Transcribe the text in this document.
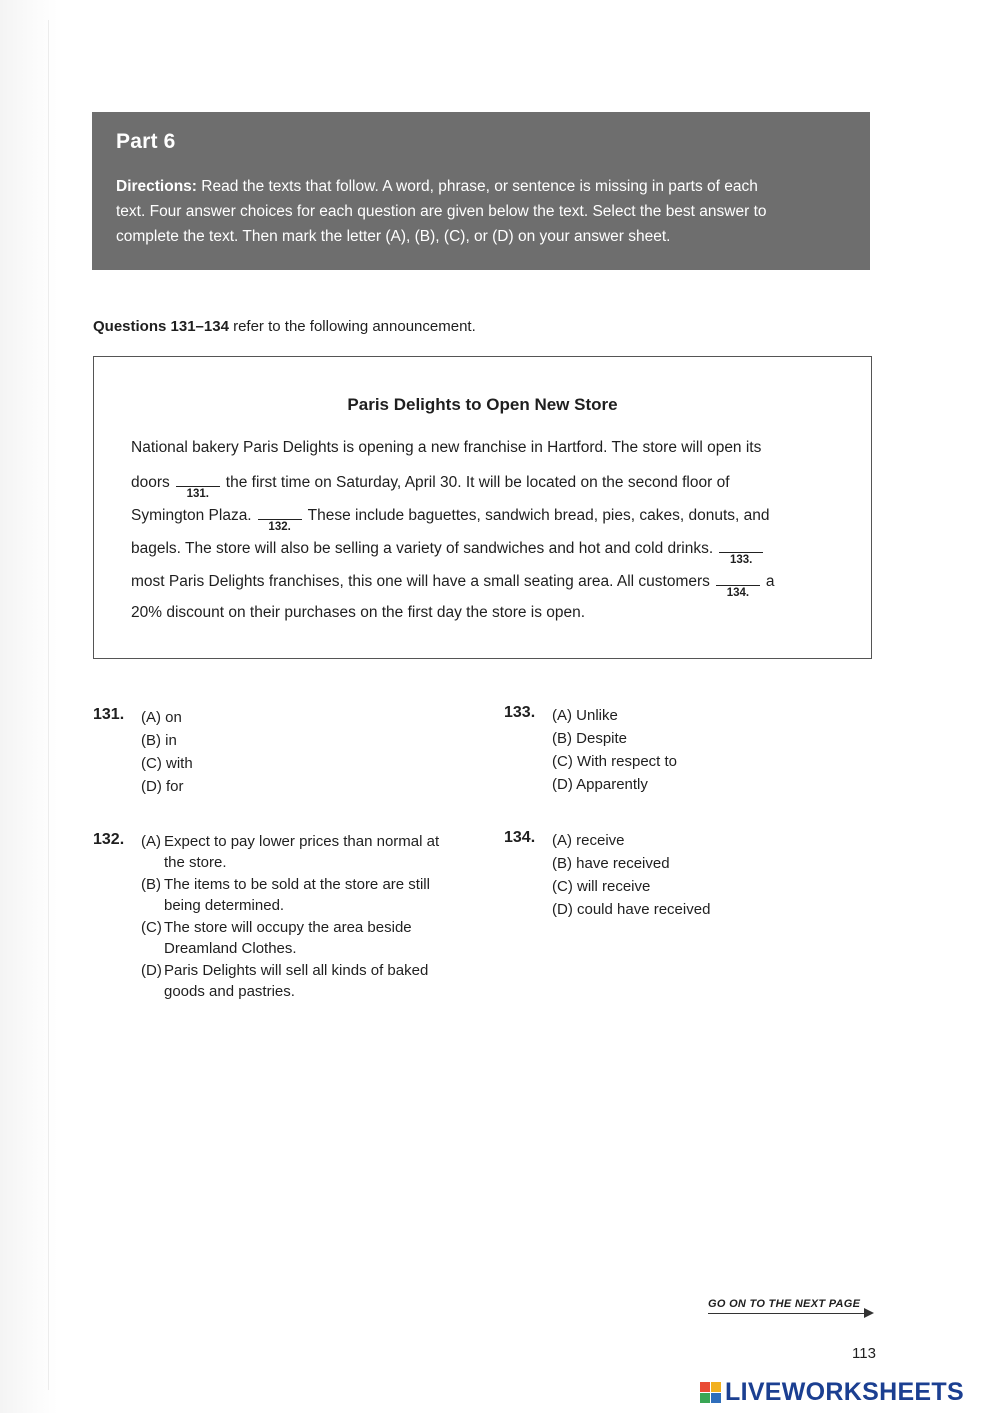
Part 6
Directions: Read the texts that follow. A word, phrase, or sentence is missing in parts of each
text. Four answer choices for each question are given below the text. Select the best answer to
complete the text. Then mark the letter (A), (B), (C), or (D) on your answer sheet.
Questions 131–134 refer to the following announcement.
Paris Delights to Open New Store
National bakery Paris Delights is opening a new franchise in Hartford. The store will open its
doors
131.
the first time on Saturday, April 30. It will be located on the second floor of
Symington Plaza.
132.
These include baguettes, sandwich bread, pies, cakes, donuts, and
bagels. The store will also be selling a variety of sandwiches and hot and cold drinks.
133.
most Paris Delights franchises, this one will have a small seating area. All customers
134.
a
20% discount on their purchases on the first day the store is open.
131. (A) on
(B) in
(C) with
(D) for
133. (A) Unlike
(B) Despite
(C) With respect to
(D) Apparently
132. (A) Expect to pay lower prices than normal at the store.
(B) The items to be sold at the store are still being determined.
(C) The store will occupy the area beside Dreamland Clothes.
(D) Paris Delights will sell all kinds of baked goods and pastries.
134. (A) receive
(B) have received
(C) will receive
(D) could have received
GO ON TO THE NEXT PAGE
113
LIVEWORKSHEETS
